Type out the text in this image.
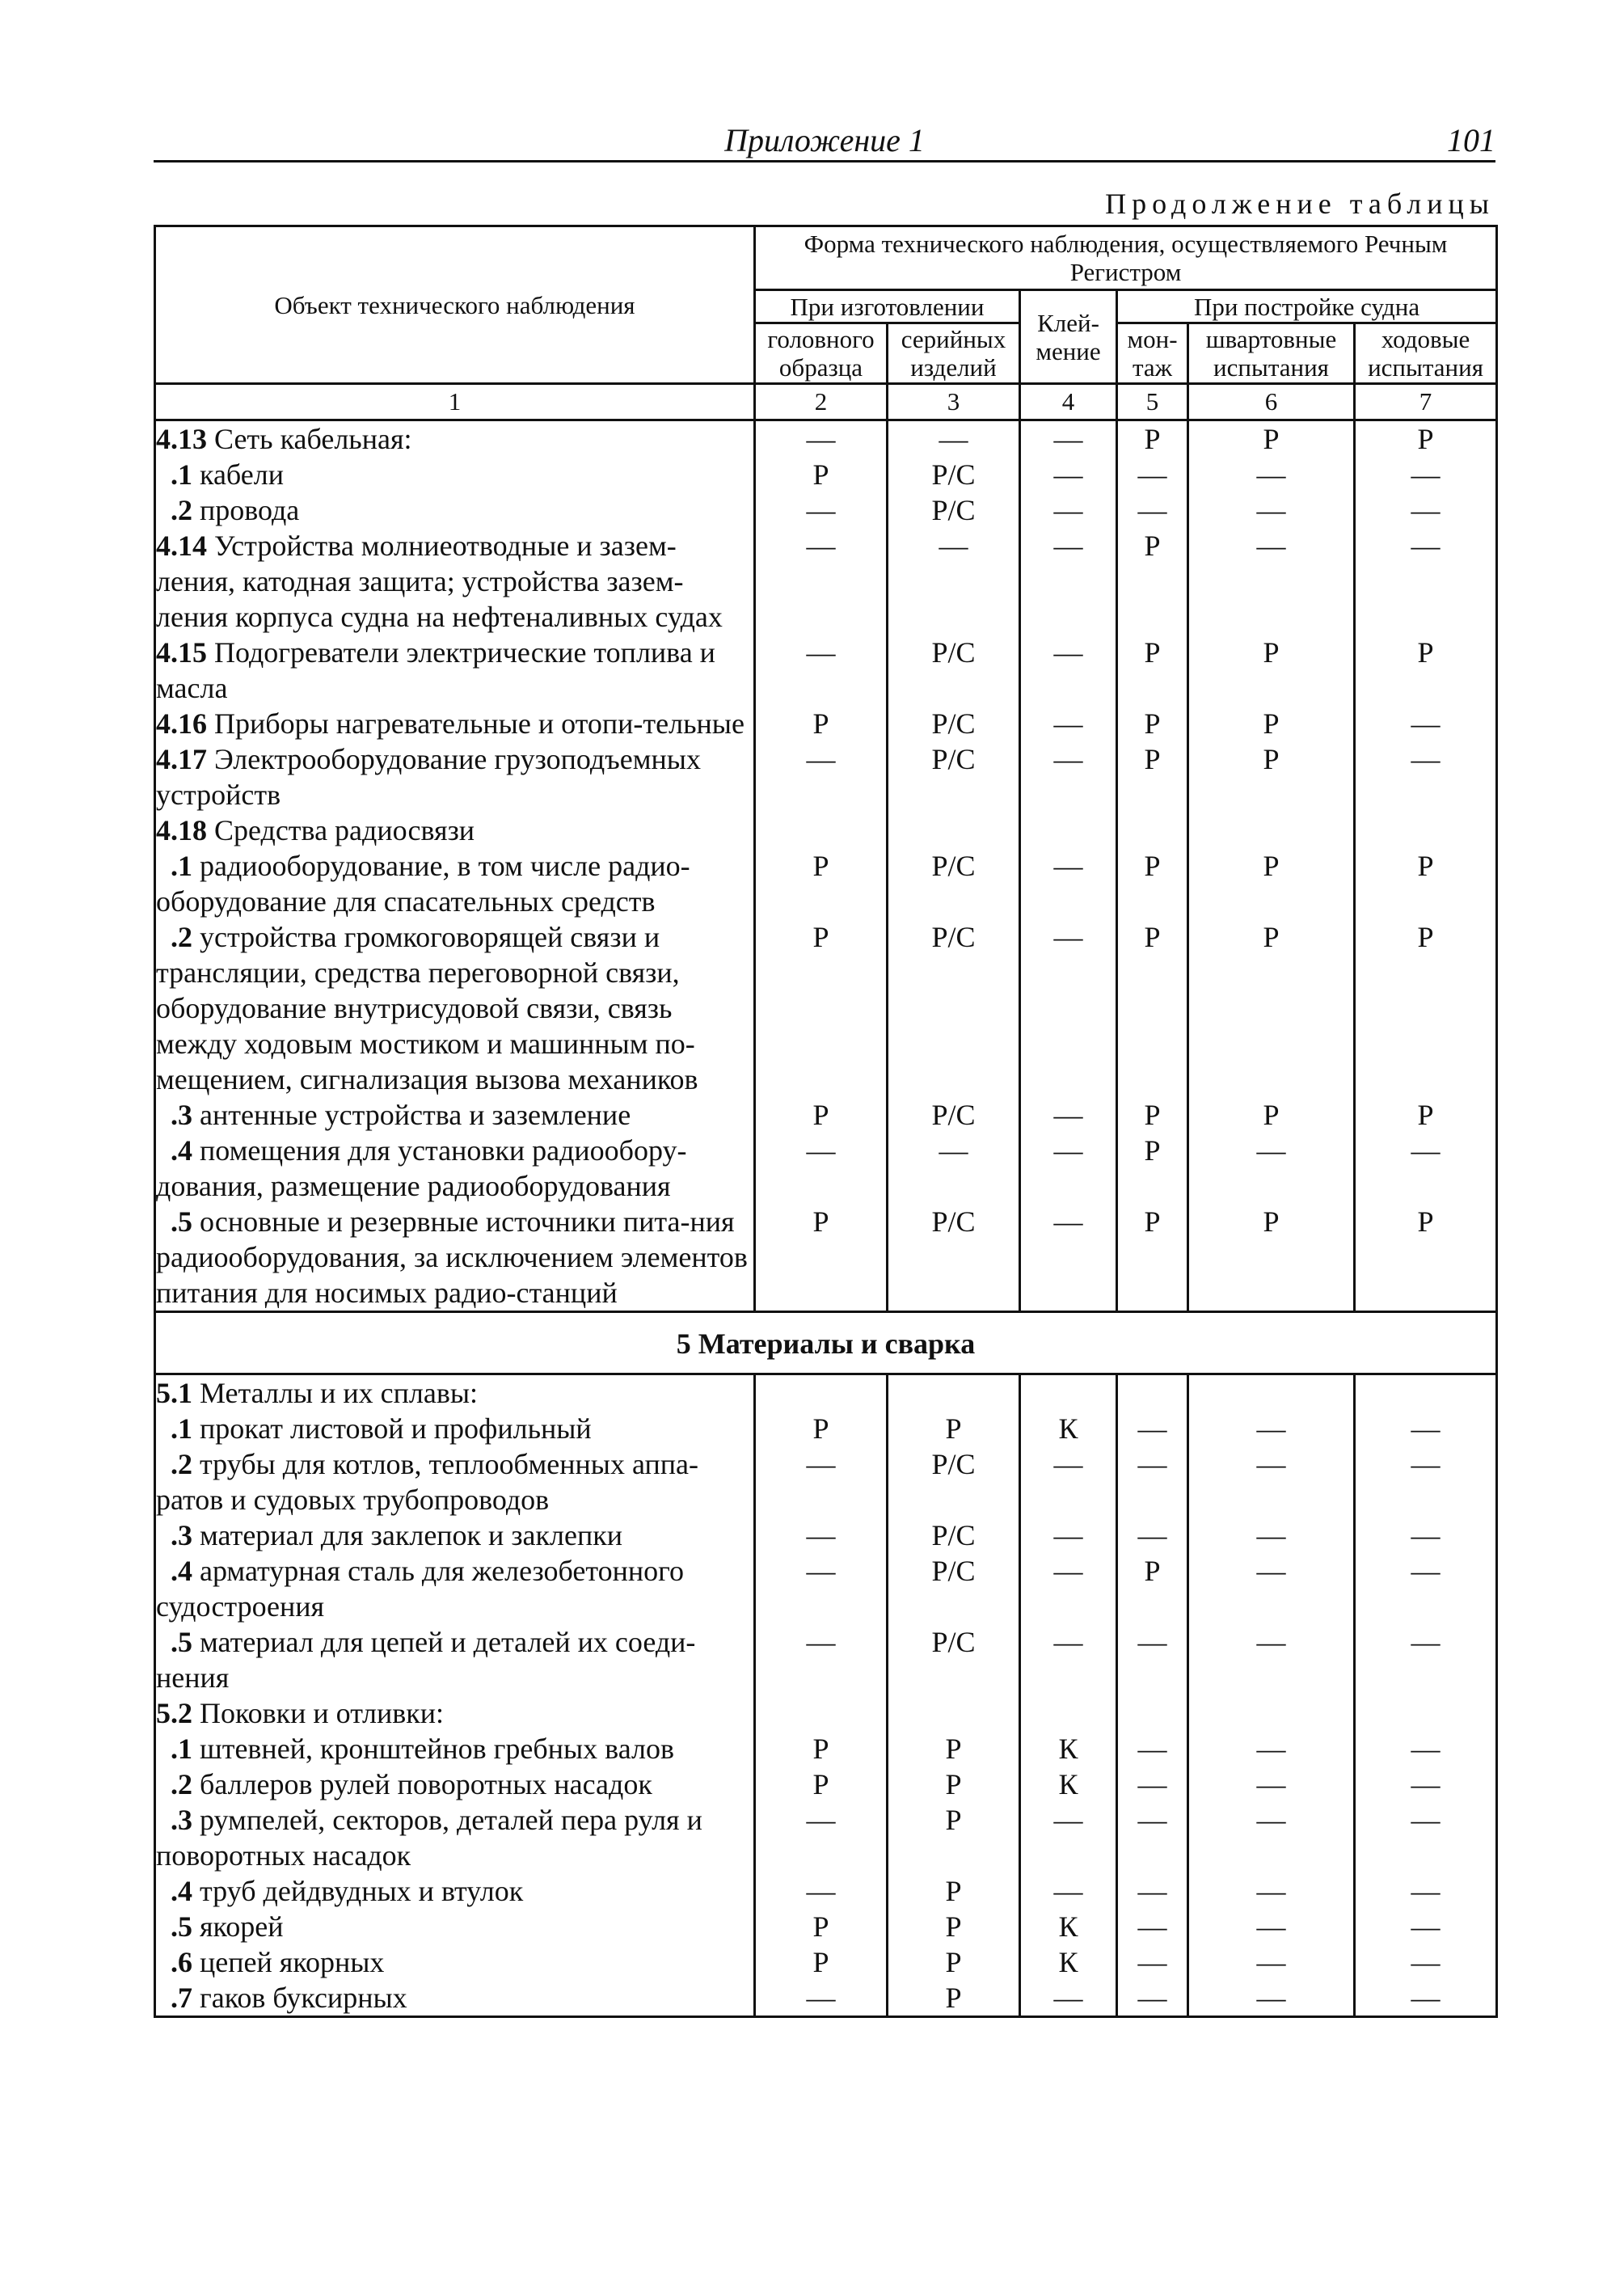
Приложение 1	101
Продолжение таблицы
Объект технического наблюдения	Форма технического наблюдения, осуществляемого Речным Регистром					
	При изготовлении		Клей-мение	При постройке судна		
	головного образца	серийных изделий		мон-таж	швартовные испытания	ходовые испытания
1	2	3	4	5	6	7
4.13 Сеть кабельная:	—	—	—	Р	Р	Р
.1 кабели	Р	Р/С	—	—	—	—
.2 провода	—	Р/С	—	—	—	—
4.14 Устройства молниеотводные и зазем-ления, катодная защита; устройства зазем-ления корпуса судна на нефтеналивных судах	—	—	—	Р	—	—
4.15 Подогреватели электрические топлива и масла	—	Р/С	—	Р	Р	Р
4.16 Приборы нагревательные и отопи-тельные	Р	Р/С	—	Р	Р	—
4.17 Электрооборудование грузоподъемных устройств	—	Р/С	—	Р	Р	—
4.18 Средства радиосвязи						
.1 радиооборудование, в том числе радио-оборудование для спасательных средств	Р	Р/С	—	Р	Р	Р
.2 устройства громкоговорящей связи и трансляции, средства переговорной связи, оборудование внутрисудовой связи, связь между ходовым мостиком и машинным по-мещением, сигнализация вызова механиков	Р	Р/С	—	Р	Р	Р
.3 антенные устройства и заземление	Р	Р/С	—	Р	Р	Р
.4 помещения для установки радиообору-дования, размещение радиооборудования	—	—	—	Р	—	—
.5 основные и резервные источники пита-ния радиооборудования, за исключением элементов питания для носимых радио-станций	Р	Р/С	—	Р	Р	Р
5 Материалы и сварка						
5.1 Металлы и их сплавы:						
.1 прокат листовой и профильный	Р	Р	К	—	—	—
.2 трубы для котлов, теплообменных аппа-ратов и судовых трубопроводов	—	Р/С	—	—	—	—
.3 материал для заклепок и заклепки	—	Р/С	—	—	—	—
.4 арматурная сталь для железобетонного судостроения	—	Р/С	—	Р	—	—
.5 материал для цепей и деталей их соеди-нения	—	Р/С	—	—	—	—
5.2 Поковки и отливки:						
.1 штевней, кронштейнов гребных валов	Р	Р	К	—	—	—
.2 баллеров рулей поворотных насадок	Р	Р	К	—	—	—
.3 румпелей, секторов, деталей пера руля и поворотных насадок	—	Р	—	—	—	—
.4 труб дейдвудных и втулок	—	Р	—	—	—	—
.5 якорей	Р	Р	К	—	—	—
.6 цепей якорных	Р	Р	К	—	—	—
.7 гаков буксирных	—	Р	—	—	—	—
